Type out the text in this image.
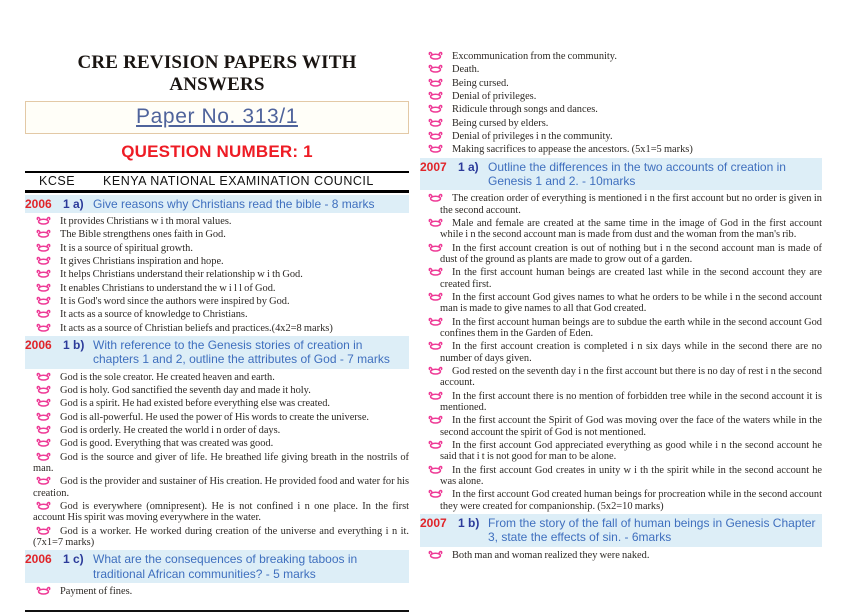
CRE REVISION PAPERS WITH ANSWERS
Paper No. 313/1
QUESTION NUMBER: 1
KCSE KENYA NATIONAL EXAMINATION COUNCIL
2006 1 a) Give reasons why Christians read the bible - 8 marks
It provides Christians w i th moral values.
The Bible strengthens ones faith in God.
It is a source of spiritual growth.
It gives Christians inspiration and hope.
It helps Christians understand their relationship w i th God.
It enables Christians to understand the w i l l of God.
It is God's word since the authors were inspired by God.
It acts as a source of knowledge to Christians.
It acts as a source of Christian beliefs and practices.(4x2=8 marks)
2006 1 b) With reference to the Genesis stories of creation in chapters 1 and 2, outline the attributes of God - 7 marks
God is the sole creator. He created heaven and earth.
God is holy. God sanctified the seventh day and made it holy.
God is a spirit. He had existed before everything else was created.
God is all-powerful. He used the power of His words to create the universe.
God is orderly. He created the world i n order of days.
God is good. Everything that was created was good.
God is the source and giver of life. He breathed life giving breath in the nostrils of man.
God is the provider and sustainer of His creation. He provided food and water for his creation.
God is everywhere (omnipresent). He is not confined i n one place. In the first account His spirit was moving everywhere in the water.
God is a worker. He worked during creation of the universe and everything i n it. (7x1=7 marks)
2006 1 c) What are the consequences of breaking taboos in traditional African communities? - 5 marks
Payment of fines.
Excommunication from the community.
Death.
Being cursed.
Denial of privileges.
Ridicule through songs and dances.
Being cursed by elders.
Denial of privileges i n the community.
Making sacrifices to appease the ancestors. (5x1=5 marks)
2007 1 a) Outline the differences in the two accounts of creation in Genesis 1 and 2. - 10marks
The creation order of everything is mentioned i n the first account but no order is given in the second account.
Male and female are created at the same time in the image of God in the first account while i n the second account man is made from dust and the woman from the man's rib.
In the first account creation is out of nothing but i n the second account man is made of dust of the ground as plants are made to grow out of a garden.
In the first account human beings are created last while in the second account they are created first.
In the first account God gives names to what he orders to be while i n the second account man is made to give names to all that God created.
In the first account human beings are to subdue the earth while in the second account God confines them in the Garden of Eden.
In the first account creation is completed i n six days while in the second there are no number of days given.
God rested on the seventh day i n the first account but there is no day of rest i n the second account.
In the first account there is no mention of forbidden tree while in the second account it is mentioned.
In the first account the Spirit of God was moving over the face of the waters while in the second account the spirit of God is not mentioned.
In the first account God appreciated everything as good while i n the second account he said that i t is not good for man to be alone.
In the first account God creates in unity w i th the spirit while in the second account he was alone.
In the first account God created human beings for procreation while in the second account they were created for companionship. (5x2=10 marks)
2007 1 b) From the story of the fall of human beings in Genesis Chapter 3, state the effects of sin. - 6marks
Both man and woman realized they were naked.
